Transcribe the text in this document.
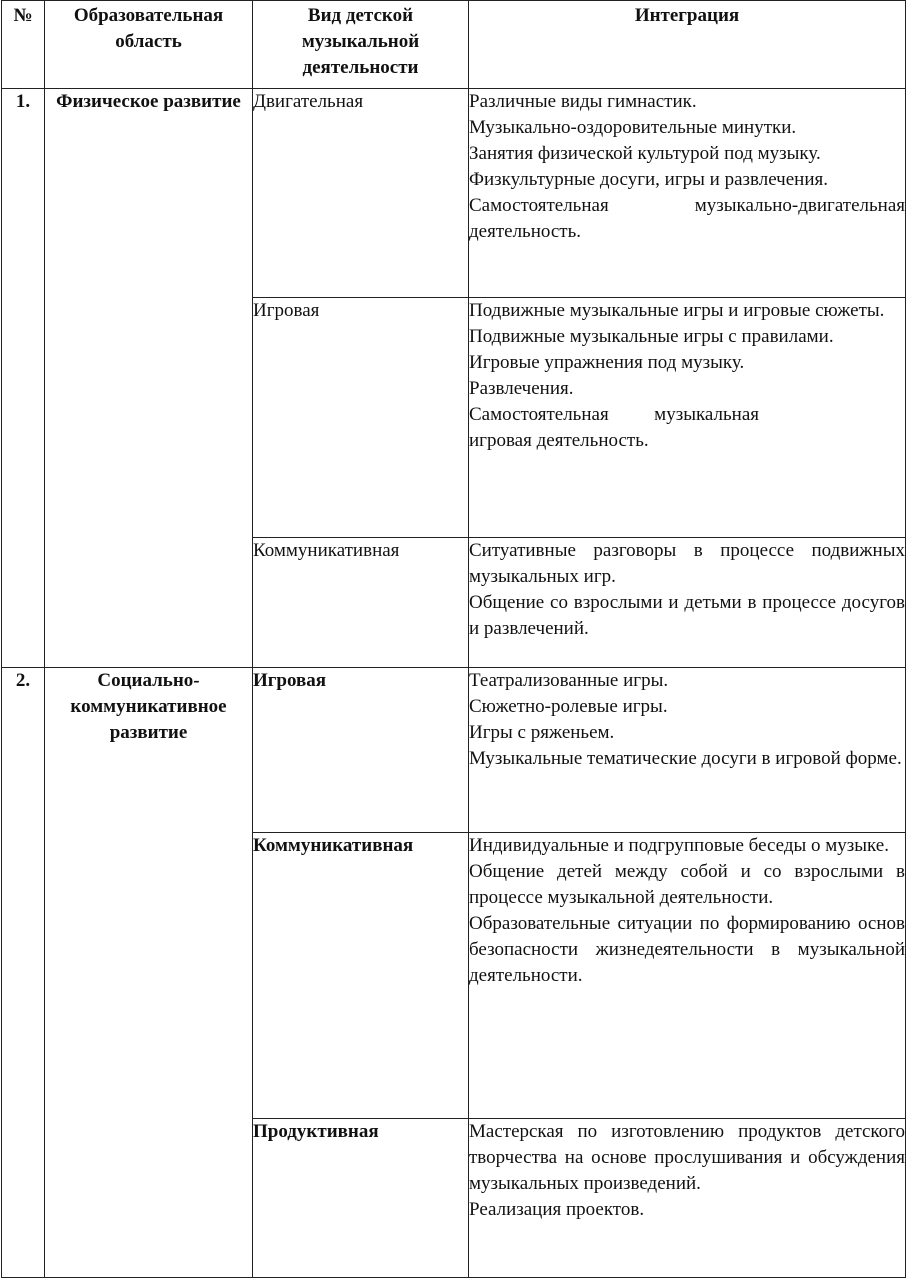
№	Образовательная область	Вид детской музыкальной деятельности	Интеграция

1.	Физическое развитие	Двигательная	Различные виды гимнастик.

Музыкально-оздоровительные минутки.

Занятия физической культурой под музыку.

Физкультурные досуги, игры и развлечения.

Самостоятельная музыкально-двигательная деятельность.

		Игровая	Подвижные музыкальные игры и игровые сюжеты.

Подвижные музыкальные игры с правилами.

Игровые упражнения под музыку.

Развлечения.

Самостоятельная музыкальная игровая деятельность.

		Коммуникативная	Ситуативные разговоры в процессе подвижных музыкальных игр.

Общение со взрослыми и детьми в процессе досугов и развлечений.

2.	Социально-коммуникативное развитие	Игровая	Театрализованные игры.

Сюжетно-ролевые игры.

Игры с ряженьем.

Музыкальные тематические досуги в игровой форме.

		Коммуникативная	Индивидуальные и подгрупповые беседы о музыке.

Общение детей между собой и со взрослыми в процессе музыкальной деятельности.

Образовательные ситуации по формированию основ безопасности жизнедеятельности в музыкальной деятельности.

		Продуктивная	Мастерская по изготовлению продуктов детского творчества на основе прослушивания и обсуждения музыкальных произведений.

Реализация проектов.
